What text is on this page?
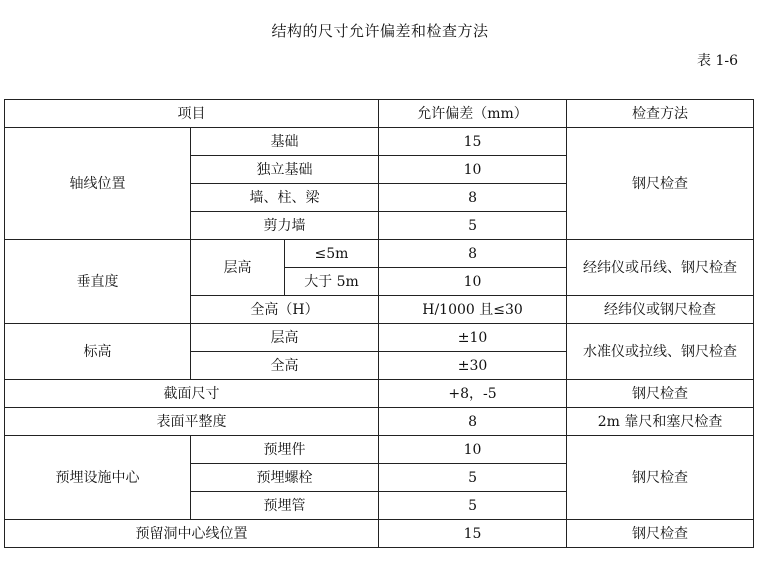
结构的尺寸允许偏差和检查方法
表 1-6
项目			允许偏差（mm）	检查方法
轴线位置	基础		15	钢尺检查
	独立基础		10	
	墙、柱、梁		8	
	剪力墙		5	
垂直度	层高	≤5m	8	经纬仪或吊线、钢尺检查
		大于 5m	10	
	全高（H）		H/1000 且≤30	经纬仪或钢尺检查
标高	层高		±10	水准仪或拉线、钢尺检查
	全高		±30	
截面尺寸			+8，-5	钢尺检查
表面平整度			8	2m 靠尺和塞尺检查
预埋设施中心	预埋件		10	钢尺检查
	预埋螺栓		5	
	预埋管		5	
预留洞中心线位置			15	钢尺检查
